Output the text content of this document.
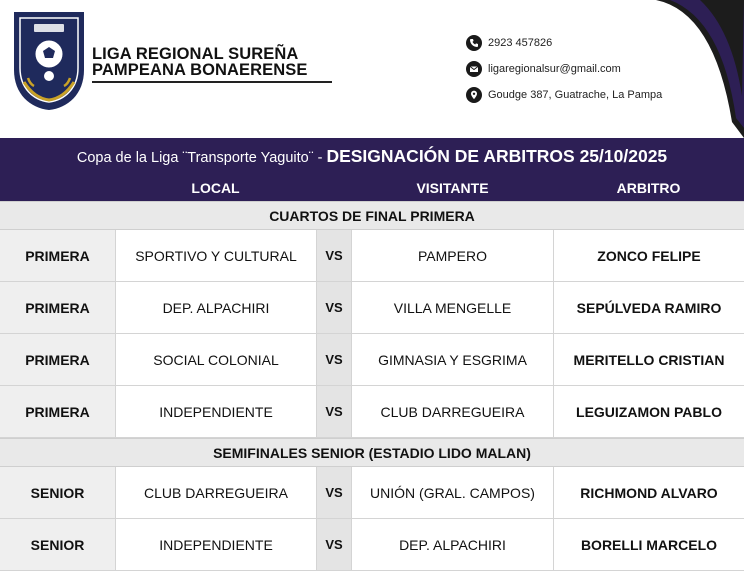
LIGA REGIONAL SUREÑA
PAMPEANA BONAERENSE
2923 457826
ligaregionalsur@gmail.com
Goudge 387, Guatrache, La Pampa
Copa de la Liga ¨Transporte Yaguito¨ - DESIGNACIÓN DE ARBITROS 25/10/2025
LOCAL	VISITANTE	ARBITRO
CUARTOS DE FINAL PRIMERA
PRIMERA	SPORTIVO Y CULTURAL	VS	PAMPERO	ZONCO FELIPE
PRIMERA	DEP. ALPACHIRI	VS	VILLA MENGELLE	SEPÚLVEDA RAMIRO
PRIMERA	SOCIAL COLONIAL	VS	GIMNASIA Y ESGRIMA	MERITELLO CRISTIAN
PRIMERA	INDEPENDIENTE	VS	CLUB DARREGUEIRA	LEGUIZAMON PABLO
SEMIFINALES SENIOR (ESTADIO LIDO MALAN)
SENIOR	CLUB DARREGUEIRA	VS	UNIÓN (GRAL. CAMPOS)	RICHMOND ALVARO
SENIOR	INDEPENDIENTE	VS	DEP. ALPACHIRI	BORELLI MARCELO
